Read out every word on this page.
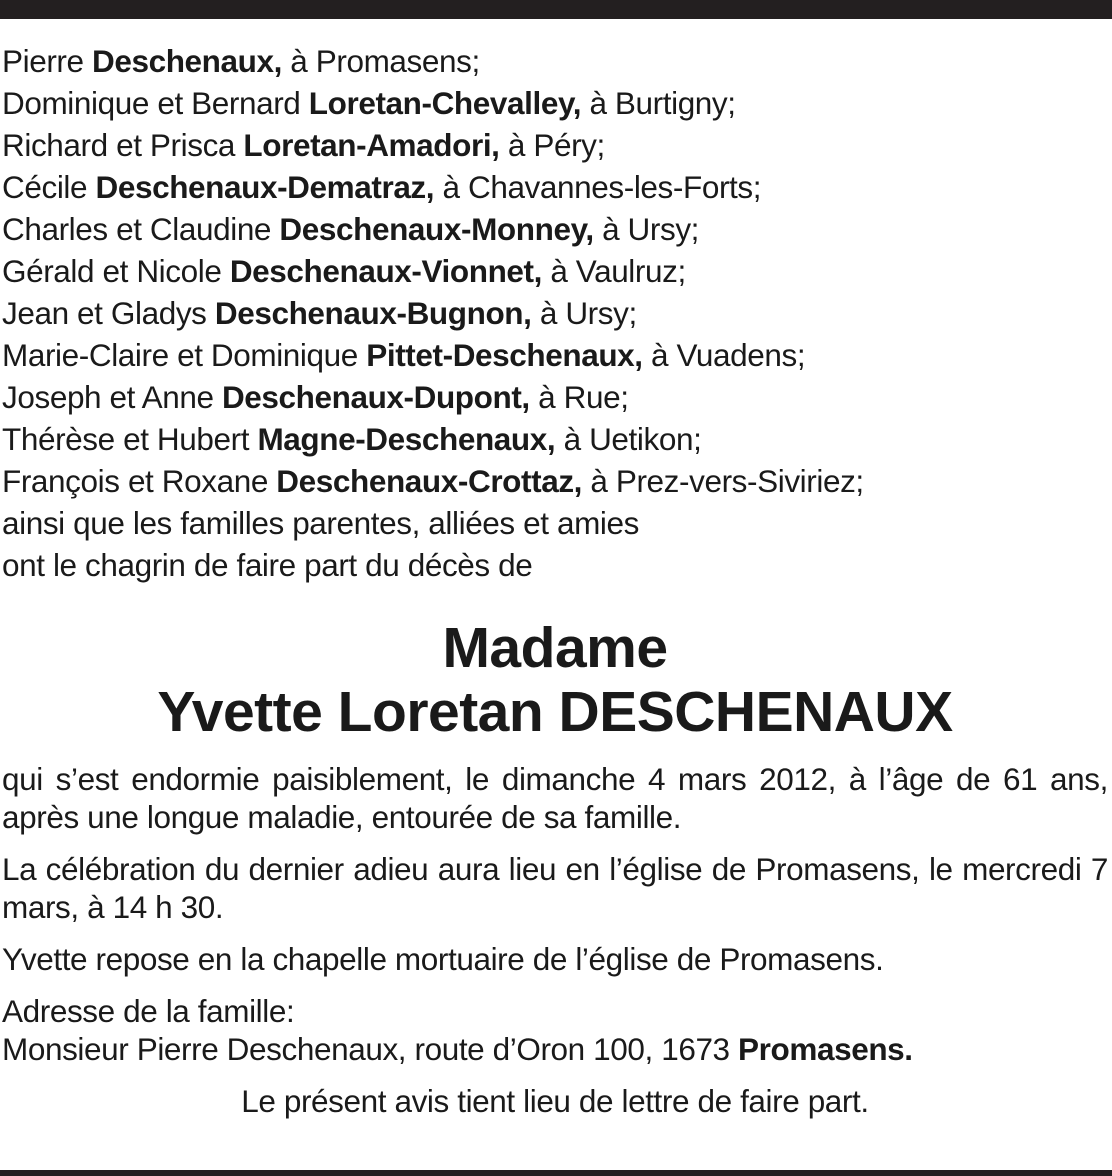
Pierre Deschenaux, à Promasens;
Dominique et Bernard Loretan-Chevalley, à Burtigny;
Richard et Prisca Loretan-Amadori, à Péry;
Cécile Deschenaux-Dematraz, à Chavannes-les-Forts;
Charles et Claudine Deschenaux-Monney, à Ursy;
Gérald et Nicole Deschenaux-Vionnet, à Vaulruz;
Jean et Gladys Deschenaux-Bugnon, à Ursy;
Marie-Claire et Dominique Pittet-Deschenaux, à Vuadens;
Joseph et Anne Deschenaux-Dupont, à Rue;
Thérèse et Hubert Magne-Deschenaux, à Uetikon;
François et Roxane Deschenaux-Crottaz, à Prez-vers-Siviriez;
ainsi que les familles parentes, alliées et amies
ont le chagrin de faire part du décès de
Madame
Yvette Loretan DESCHENAUX
qui s’est endormie paisiblement, le dimanche 4 mars 2012, à l’âge de 61 ans, après une longue maladie, entourée de sa famille.
La célébration du dernier adieu aura lieu en l’église de Promasens, le mercredi 7 mars, à 14 h 30.
Yvette repose en la chapelle mortuaire de l’église de Promasens.
Adresse de la famille:
Monsieur Pierre Deschenaux, route d’Oron 100, 1673 Promasens.
Le présent avis tient lieu de lettre de faire part.
